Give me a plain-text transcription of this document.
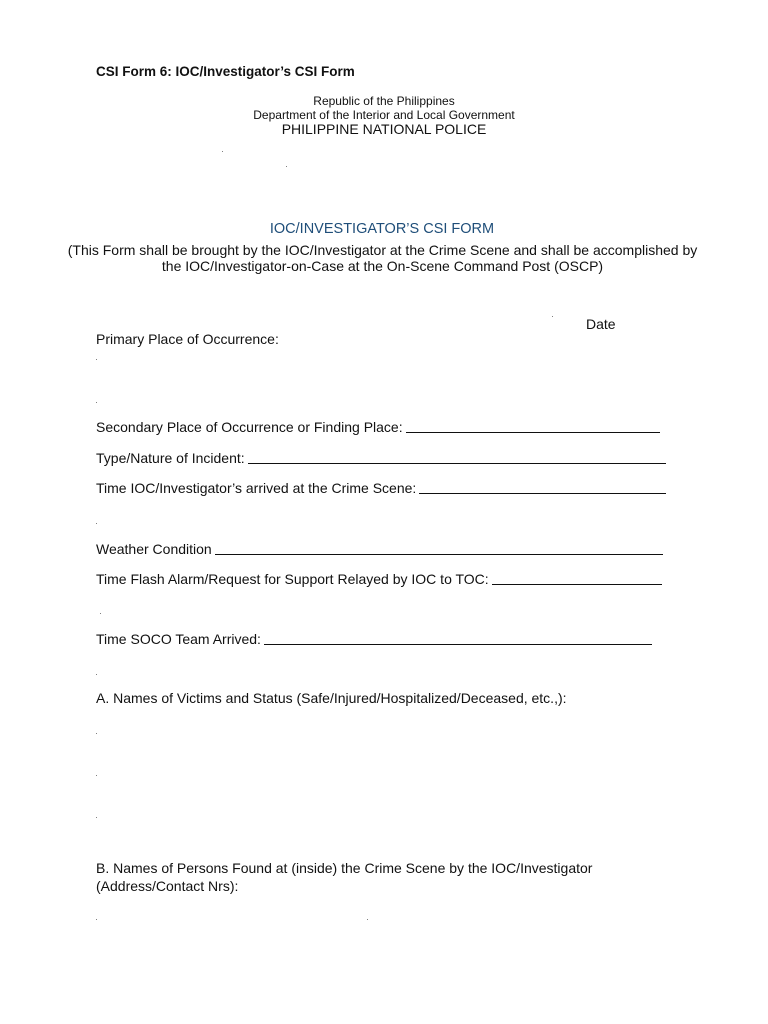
CSI Form 6: IOC/Investigator’s CSI Form
Republic of the Philippines
Department of the Interior and Local Government
PHILIPPINE NATIONAL POLICE
IOC/INVESTIGATOR’S CSI FORM
(This Form shall be brought by the IOC/Investigator at the Crime Scene and shall be accomplished by the IOC/Investigator-on-Case at the On-Scene Command Post (OSCP)
Date
Primary Place of Occurrence:
Secondary Place of Occurrence or Finding Place:
Type/Nature of Incident:
Time IOC/Investigator’s arrived at the Crime Scene:
Weather Condition
Time Flash Alarm/Request for Support Relayed by IOC to TOC:
Time SOCO Team Arrived:
A. Names of Victims and Status (Safe/Injured/Hospitalized/Deceased, etc.,):
B. Names of Persons Found at (inside) the Crime Scene by the IOC/Investigator
(Address/Contact Nrs):
